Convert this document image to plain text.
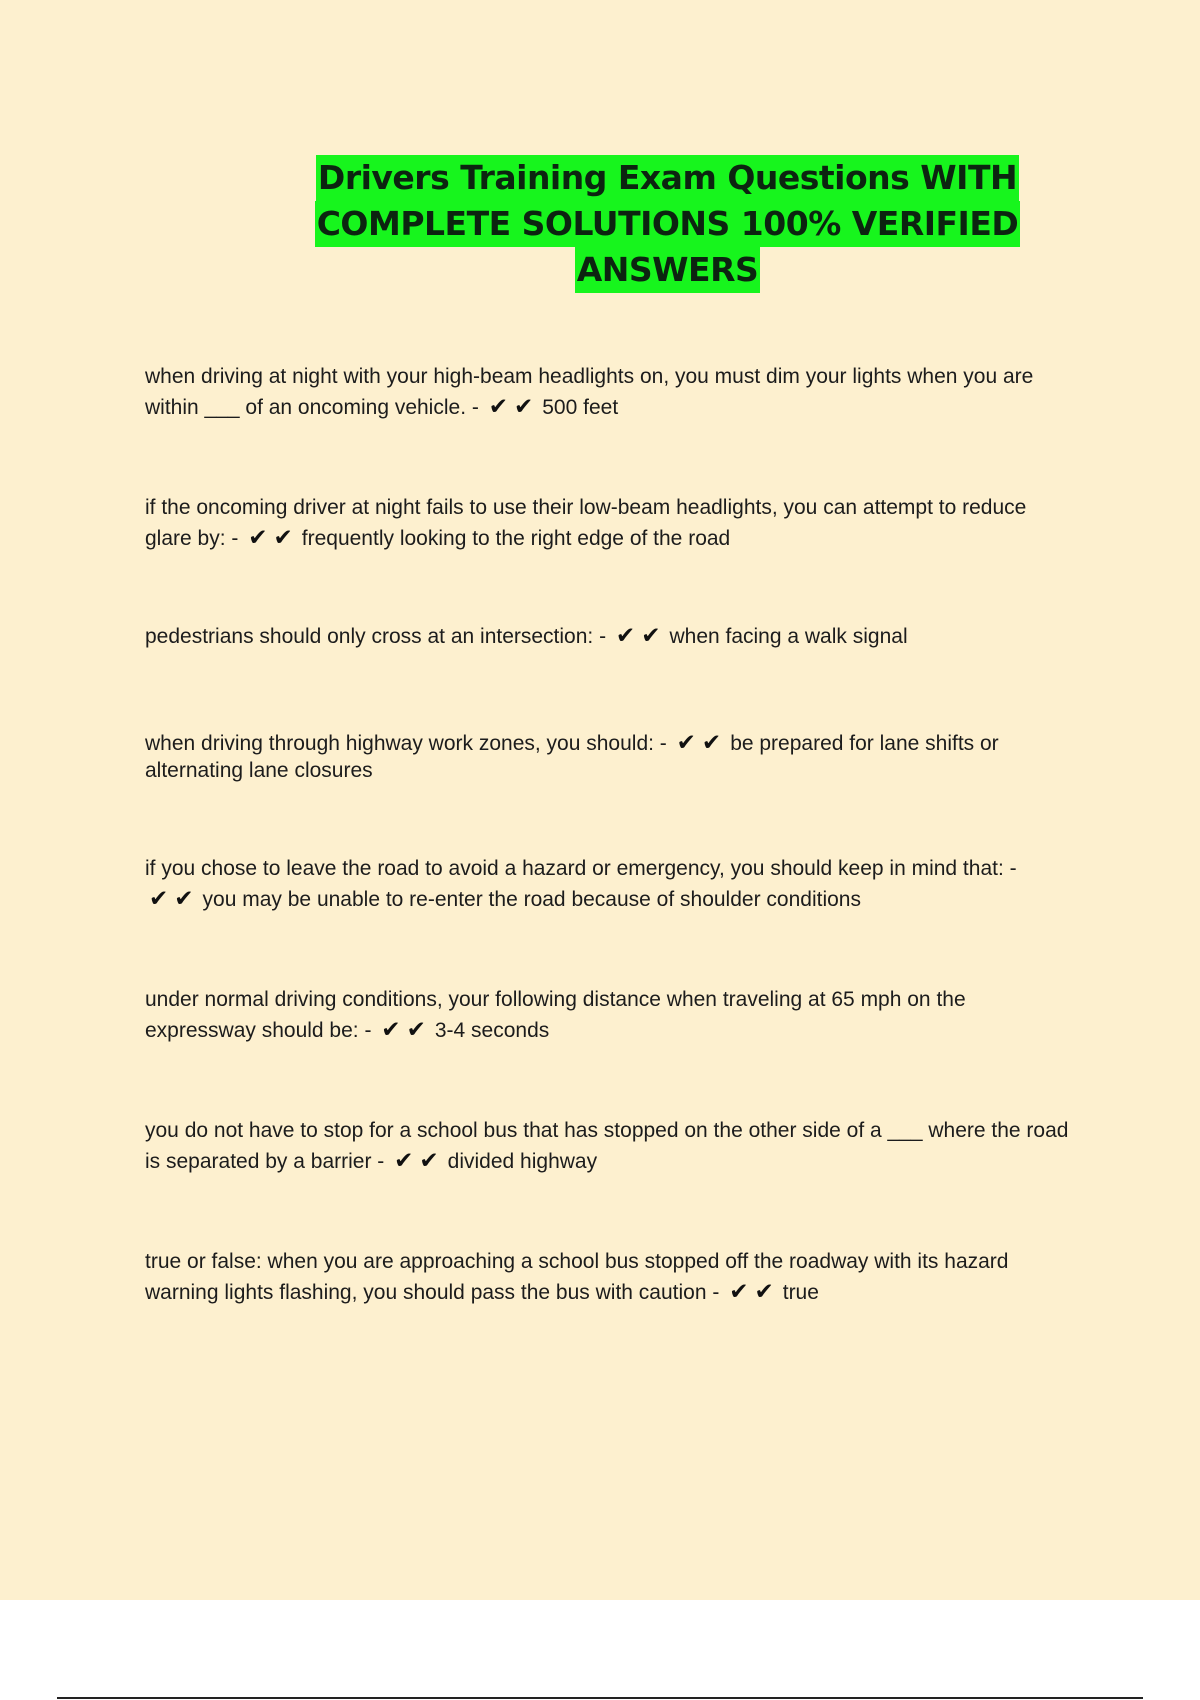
Drivers Training Exam Questions WITH
COMPLETE SOLUTIONS 100% VERIFIED
ANSWERS
when driving at night with your high-beam headlights on, you must dim your lights when you are within ___ of an oncoming vehicle. - ✔✔ 500 feet
if the oncoming driver at night fails to use their low-beam headlights, you can attempt to reduce glare by: - ✔✔ frequently looking to the right edge of the road
pedestrians should only cross at an intersection: - ✔✔ when facing a walk signal
when driving through highway work zones, you should: - ✔✔ be prepared for lane shifts or alternating lane closures
if you chose to leave the road to avoid a hazard or emergency, you should keep in mind that: - ✔✔ you may be unable to re-enter the road because of shoulder conditions
under normal driving conditions, your following distance when traveling at 65 mph on the expressway should be: - ✔✔ 3-4 seconds
you do not have to stop for a school bus that has stopped on the other side of a ___ where the road is separated by a barrier - ✔✔ divided highway
true or false: when you are approaching a school bus stopped off the roadway with its hazard warning lights flashing, you should pass the bus with caution - ✔✔ true
